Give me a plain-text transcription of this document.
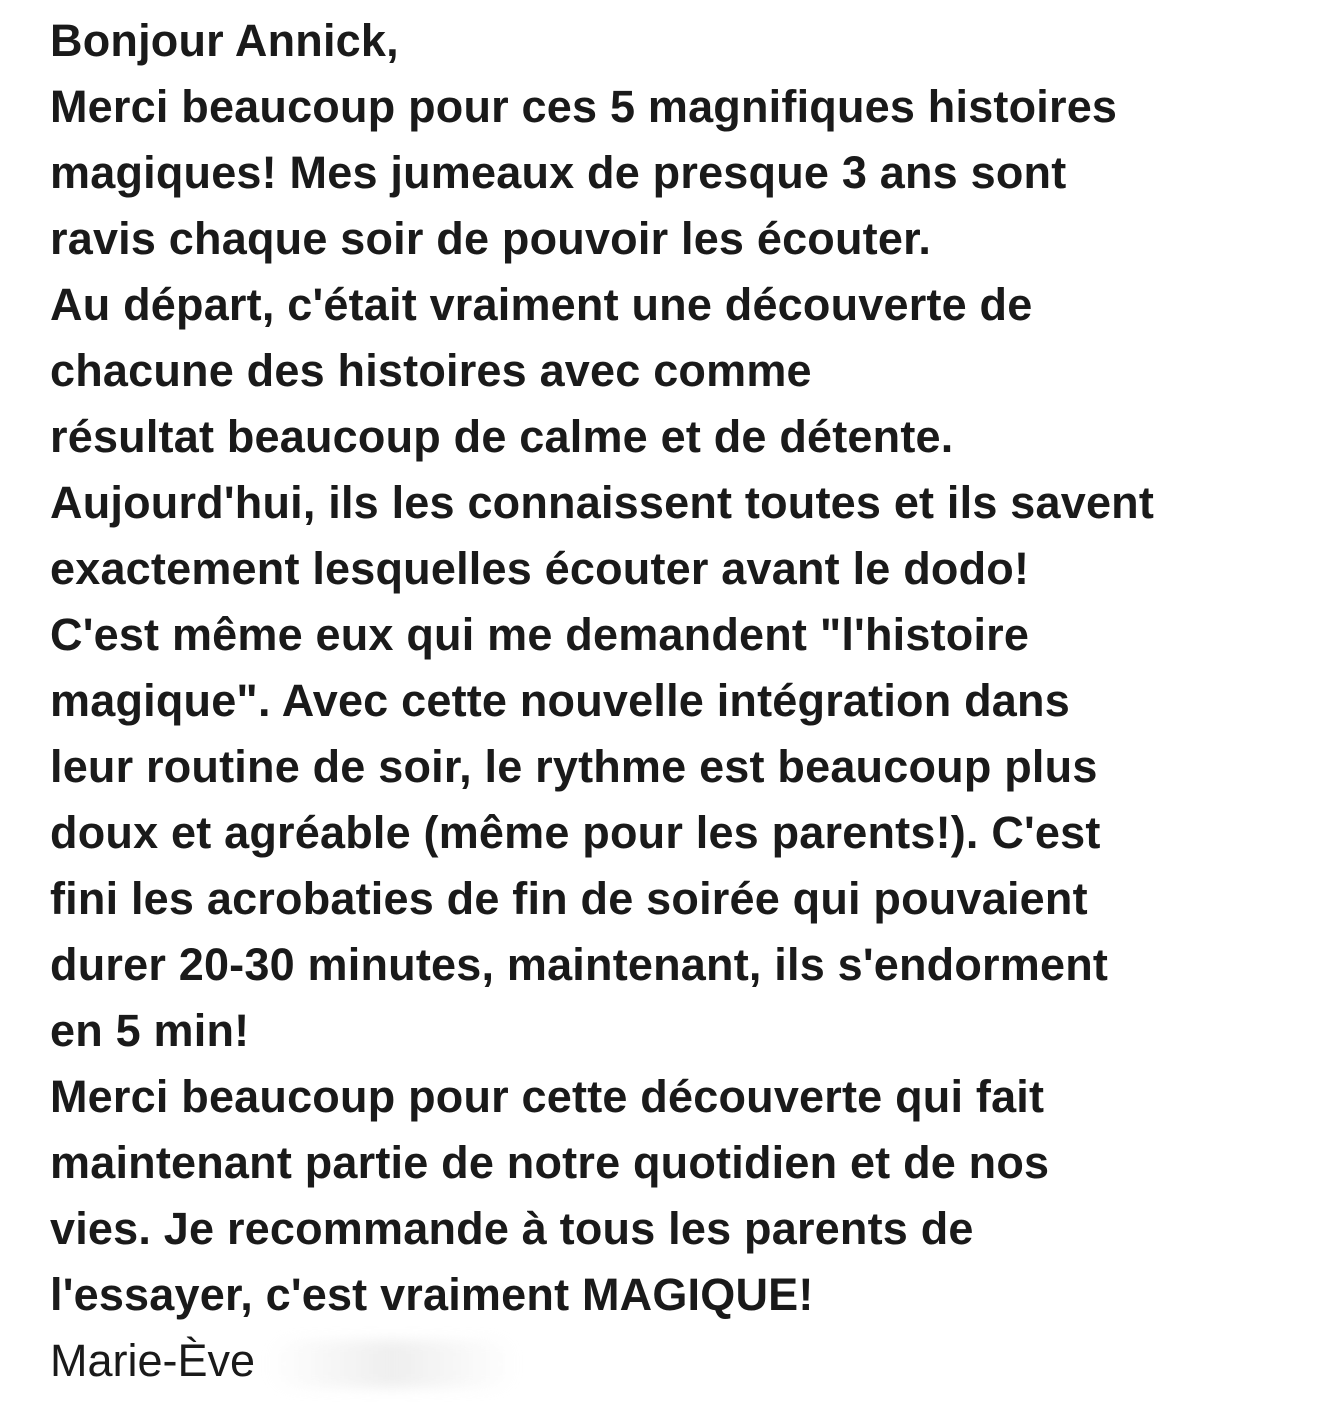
Bonjour Annick,
Merci beaucoup pour ces 5 magnifiques histoires
magiques! Mes jumeaux de presque 3 ans sont
ravis chaque soir de pouvoir les écouter.
Au départ, c'était vraiment une découverte de
chacune des histoires avec comme
résultat beaucoup de calme et de détente.
Aujourd'hui, ils les connaissent toutes et ils savent
exactement lesquelles écouter avant le dodo!
C'est même eux qui me demandent "l'histoire
magique". Avec cette nouvelle intégration dans
leur routine de soir, le rythme est beaucoup plus
doux et agréable (même pour les parents!). C'est
fini les acrobaties de fin de soirée qui pouvaient
durer 20-30 minutes, maintenant, ils s'endorment
en 5 min!
Merci beaucoup pour cette découverte qui fait
maintenant partie de notre quotidien et de nos
vies. Je recommande à tous les parents de
l'essayer, c'est vraiment MAGIQUE!
Marie-Ève
